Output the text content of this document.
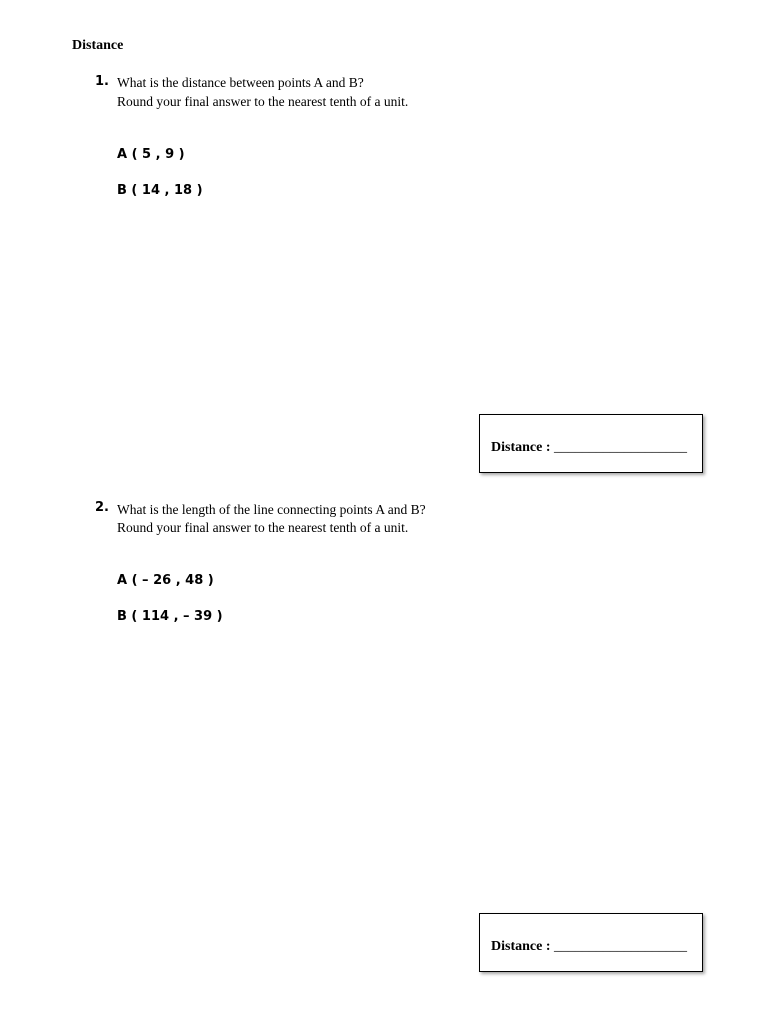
Distance
1. What is the distance between points A and B?
Round your final answer to the nearest tenth of a unit.
A ( 5 , 9 )
B ( 14 , 18 )
Distance : ___________________
2. What is the length of the line connecting points A and B?
Round your final answer to the nearest tenth of a unit.
A ( – 26 , 48 )
B ( 114 , – 39 )
Distance : ___________________
